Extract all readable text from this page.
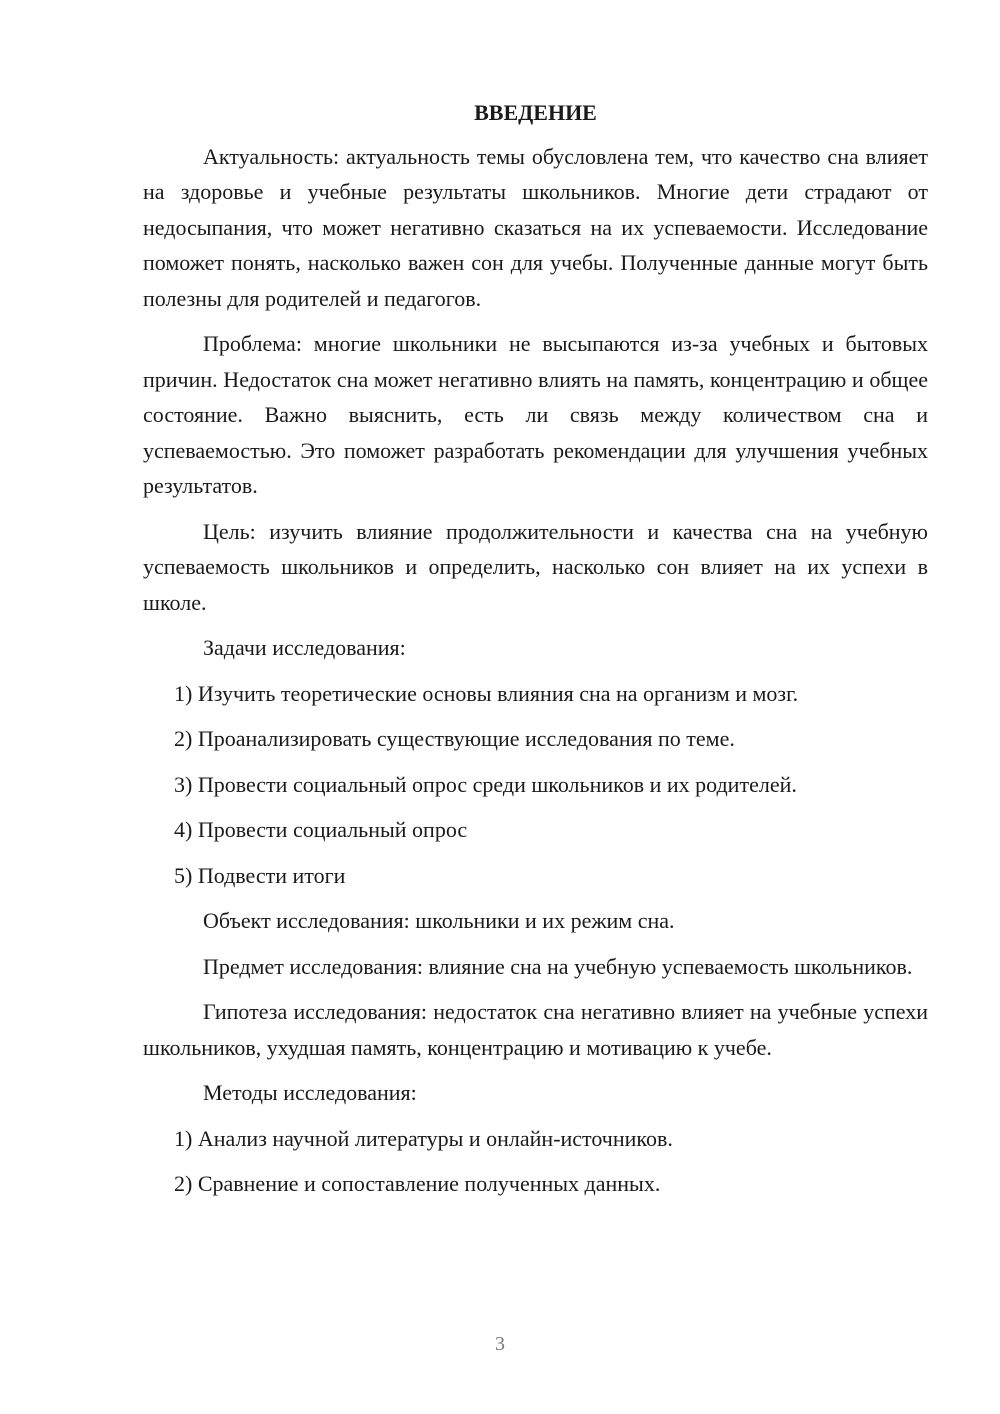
ВВЕДЕНИЕ

Актуальность: актуальность темы обусловлена тем, что качество сна влияет на здоровье и учебные результаты школьников. Многие дети страдают от недосыпания, что может негативно сказаться на их успеваемости. Исследование поможет понять, насколько важен сон для учебы. Полученные данные могут быть полезны для родителей и педагогов.

Проблема: многие школьники не высыпаются из-за учебных и бытовых причин. Недостаток сна может негативно влиять на память, концентрацию и общее состояние. Важно выяснить, есть ли связь между количеством сна и успеваемостью. Это поможет разработать рекомендации для улучшения учебных результатов.

Цель: изучить влияние продолжительности и качества сна на учебную успеваемость школьников и определить, насколько сон влияет на их успехи в школе.

Задачи исследования:

1) Изучить теоретические основы влияния сна на организм и мозг.

2) Проанализировать существующие исследования по теме.

3) Провести социальный опрос среди школьников и их родителей.

4) Провести социальный опрос

5) Подвести итоги

Объект исследования: школьники и их режим сна.

Предмет исследования: влияние сна на учебную успеваемость школьников.

Гипотеза исследования: недостаток сна негативно влияет на учебные успехи школьников, ухудшая память, концентрацию и мотивацию к учебе.

Методы исследования:

1) Анализ научной литературы и онлайн-источников.

2) Сравнение и сопоставление полученных данных.

3
